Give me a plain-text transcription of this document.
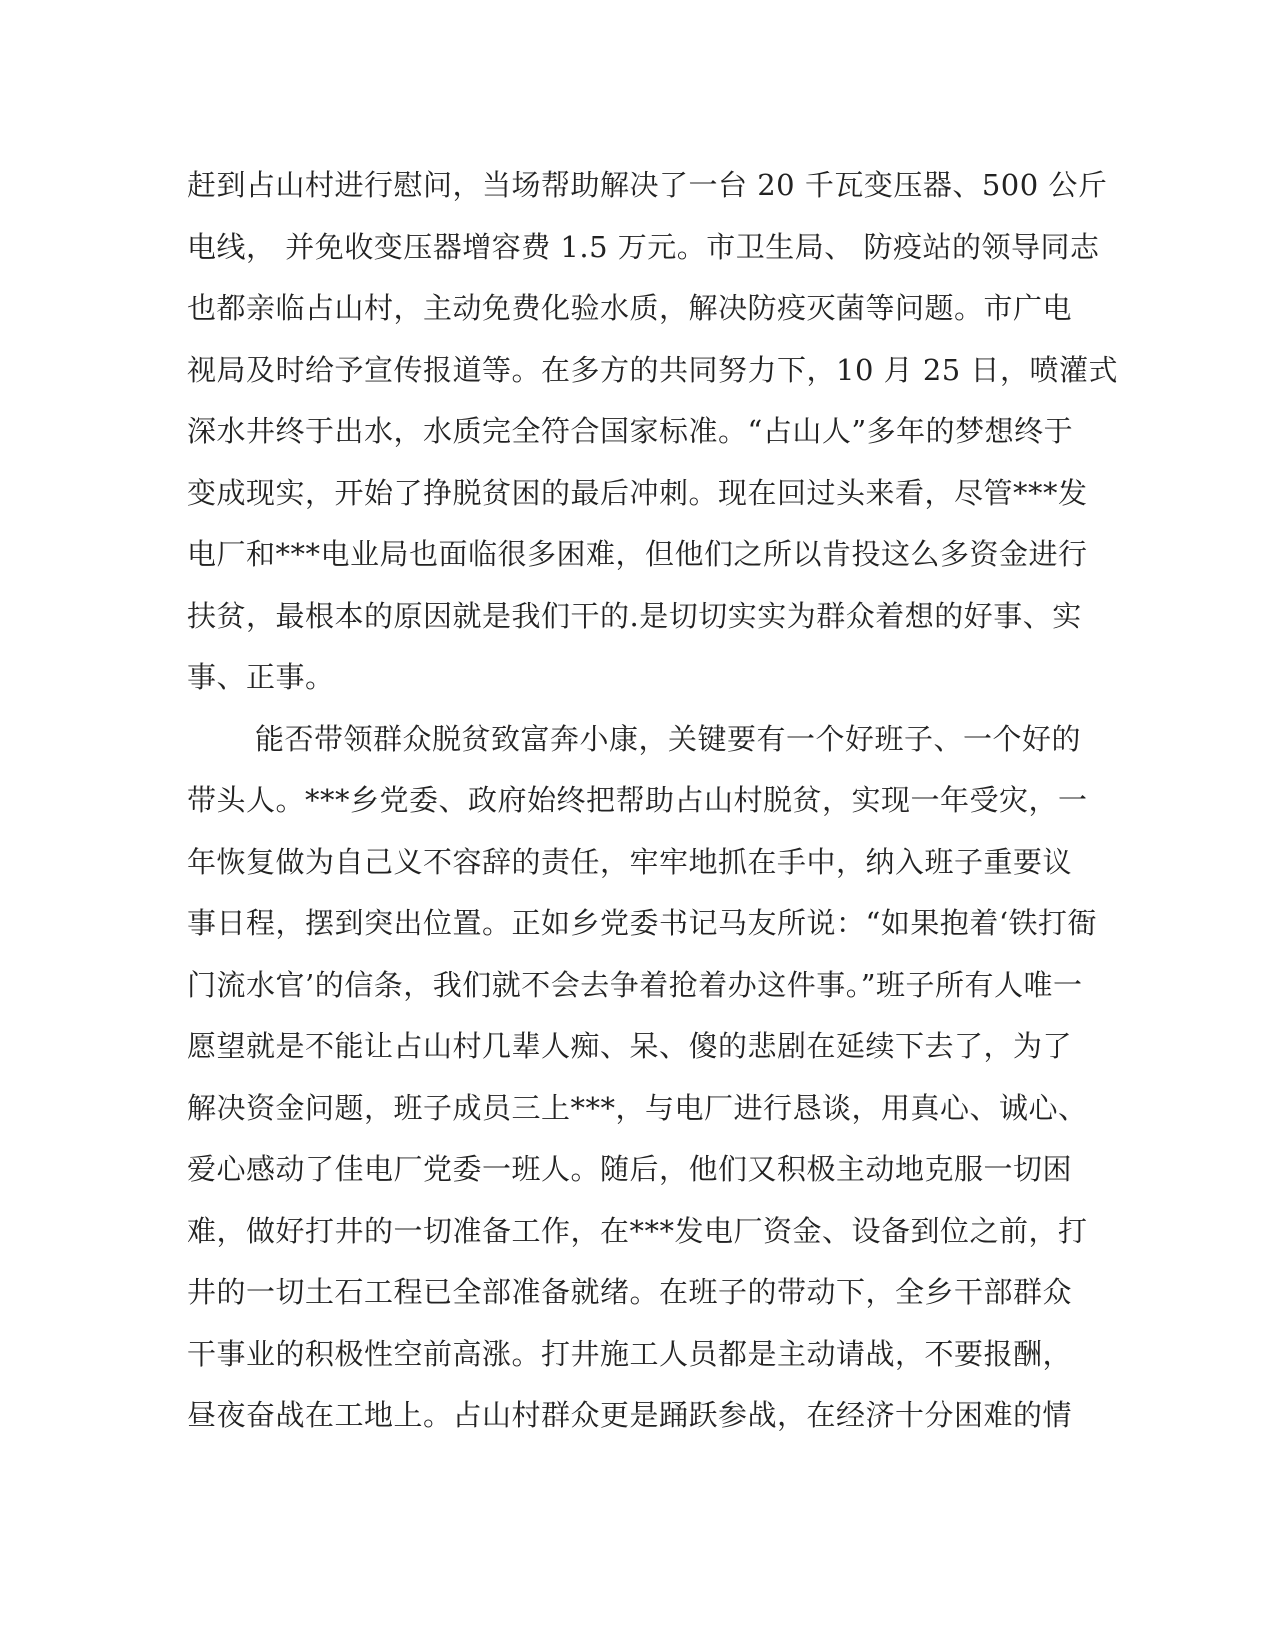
赶到占山村进行慰问，当场帮助解决了一台 20 千瓦变压器、500 公斤
电线， 并免收变压器增容费 1.5 万元。市卫生局、 防疫站的领导同志
也都亲临占山村，主动免费化验水质，解决防疫灭菌等问题。市广电
视局及时给予宣传报道等。在多方的共同努力下，10 月 25 日，喷灌式
深水井终于出水，水质完全符合国家标准。“占山人”多年的梦想终于
变成现实，开始了挣脱贫困的最后冲刺。现在回过头来看，尽管***发
电厂和***电业局也面临很多困难，但他们之所以肯投这么多资金进行
扶贫，最根本的原因就是我们干的.是切切实实为群众着想的好事、实
事、正事。
能否带领群众脱贫致富奔小康，关键要有一个好班子、一个好的
带头人。***乡党委、政府始终把帮助占山村脱贫，实现一年受灾，一
年恢复做为自己义不容辞的责任，牢牢地抓在手中，纳入班子重要议
事日程，摆到突出位置。正如乡党委书记马友所说：“如果抱着‘铁打衙
门流水官’的信条，我们就不会去争着抢着办这件事。”班子所有人唯一
愿望就是不能让占山村几辈人痴、呆、傻的悲剧在延续下去了，为了
解决资金问题，班子成员三上***，与电厂进行恳谈，用真心、诚心、
爱心感动了佳电厂党委一班人。随后，他们又积极主动地克服一切困
难，做好打井的一切准备工作，在***发电厂资金、设备到位之前，打
井的一切土石工程已全部准备就绪。在班子的带动下，全乡干部群众
干事业的积极性空前高涨。打井施工人员都是主动请战，不要报酬，
昼夜奋战在工地上。占山村群众更是踊跃参战，在经济十分困难的情
